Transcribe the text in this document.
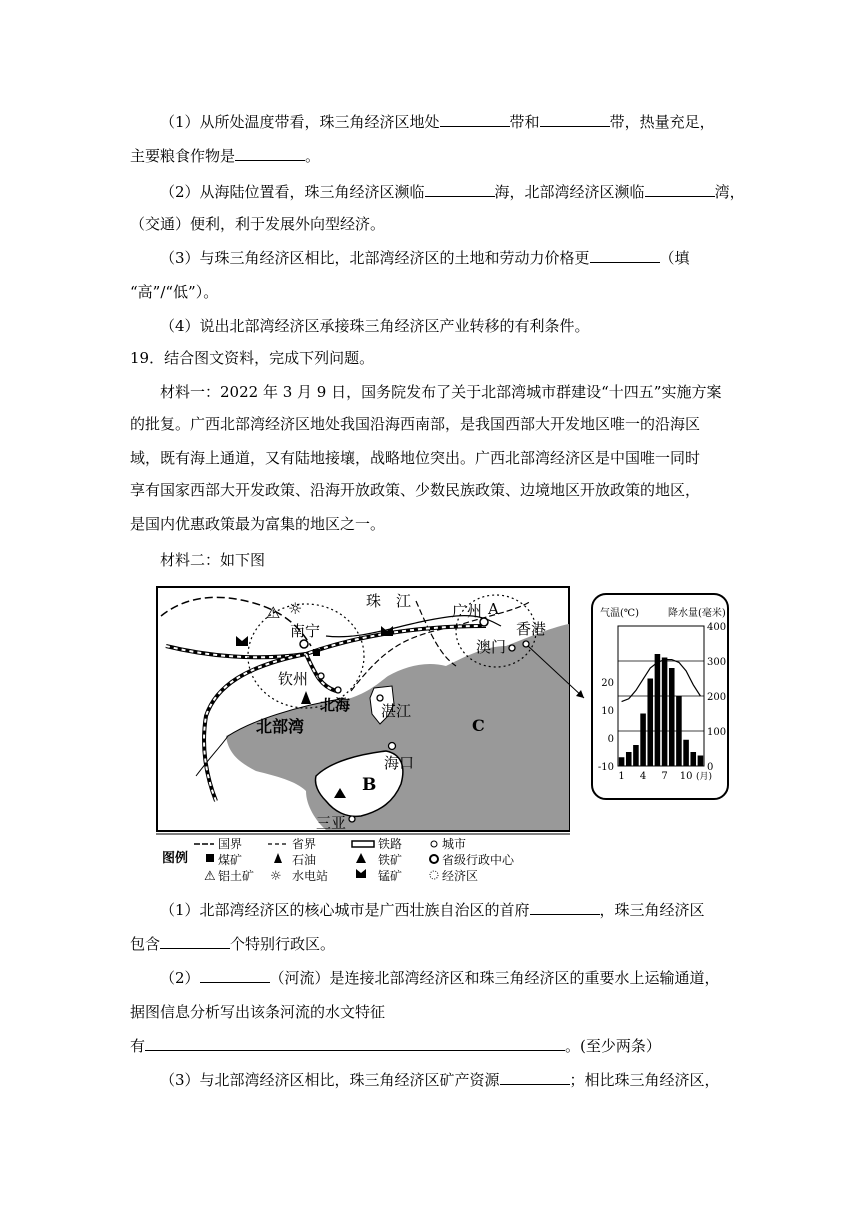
（1）从所处温度带看，珠三角经济区地处	带和	带，热量充足，
主要粮食作物是	。
（2）从海陆位置看，珠三角经济区濒临	海，北部湾经济区濒临	湾，
（交通）便利，利于发展外向型经济。
（3）与珠三角经济区相比，北部湾经济区的土地和劳动力价格更	（填
“高”/“低”）。
（4）说出北部湾经济区承接珠三角经济区产业转移的有利条件。
19．结合图文资料，完成下列问题。
材料一：2022 年 3 月 9 日，国务院发布了关于北部湾城市群建设“十四五”实施方案
的批复。广西北部湾经济区地处我国沿海西南部，是我国西部大开发地区唯一的沿海区
域，既有海上通道，又有陆地接壤，战略地位突出。广西北部湾经济区是中国唯一同时
享有国家西部大开发政策、沿海开放政策、少数民族政策、边境地区开放政策的地区，
是国内优惠政策最为富集的地区之一。
材料二：如下图
⚠ ☼	珠　江
广州 A
南宁
钦州
北海
北部湾
湛江
C
澳门
香港
海口
B
三亚
气温(℃)	降水量(毫米)
20
10
0
-10
400
300
200
100
0
1 4 7 10 (月)
图例
国界	省界	铁路	城市
煤矿	石油	铁矿	省级行政中心
⚠ 铝土矿 ☼ 水电站	锰矿	经济区
（1）北部湾经济区的核心城市是广西壮族自治区的首府	，珠三角经济区
包含	个特别行政区。
（2）	（河流）是连接北部湾经济区和珠三角经济区的重要水上运输通道，
据图信息分析写出该条河流的水文特征
有	。(至少两条）
（3）与北部湾经济区相比，珠三角经济区矿产资源	；相比珠三角经济区，
